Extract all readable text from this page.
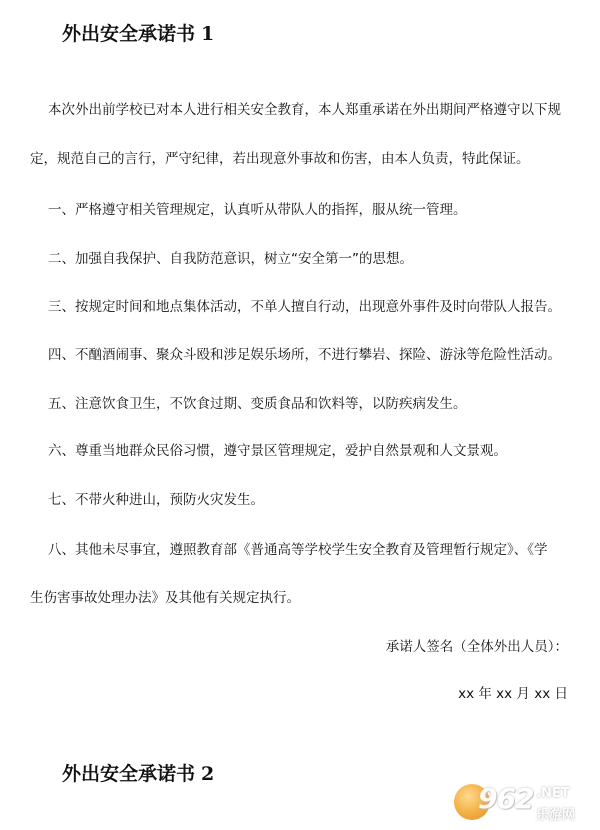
外出安全承诺书 1
本次外出前学校已对本人进行相关安全教育，本人郑重承诺在外出期间严格遵守以下规
定，规范自己的言行，严守纪律，若出现意外事故和伤害，由本人负责，特此保证。
一、严格遵守相关管理规定，认真听从带队人的指挥，服从统一管理。
二、加强自我保护、自我防范意识，树立“安全第一”的思想。
三、按规定时间和地点集体活动，不单人擅自行动，出现意外事件及时向带队人报告。
四、不酗酒闹事、聚众斗殴和涉足娱乐场所，不进行攀岩、探险、游泳等危险性活动。
五、注意饮食卫生，不饮食过期、变质食品和饮料等，以防疾病发生。
六、尊重当地群众民俗习惯，遵守景区管理规定，爱护自然景观和人文景观。
七、不带火种进山，预防火灾发生。
八、其他未尽事宜，遵照教育部《普通高等学校学生安全教育及管理暂行规定》、《学
生伤害事故处理办法》及其他有关规定执行。
承诺人签名（全体外出人员）：
xx 年 xx 月 xx 日
外出安全承诺书 2
962 .NET
乐游网
